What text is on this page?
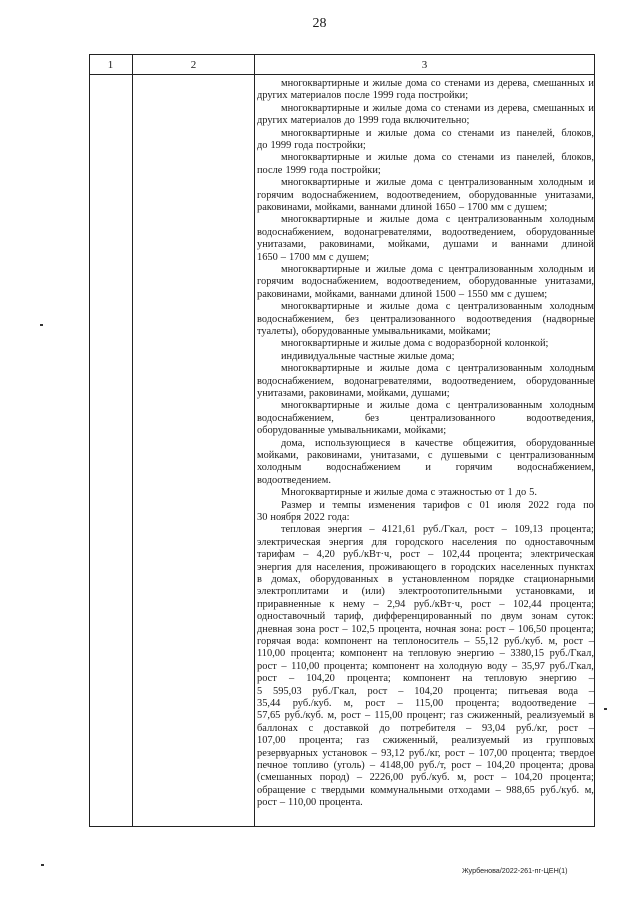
28
1	2	3
многоквартирные и жилые дома со стенами из дерева, смешанных и
других материалов после 1999 года постройки;
многоквартирные и жилые дома со стенами из дерева, смешанных и
других материалов до 1999 года включительно;
многоквартирные и жилые дома со стенами из панелей, блоков,
до 1999 года постройки;
многоквартирные и жилые дома со стенами из панелей, блоков,
после 1999 года постройки;
многоквартирные и жилые дома с централизованным холодным и
горячим водоснабжением, водоотведением, оборудованные унитазами,
раковинами, мойками, ваннами длиной 1650 – 1700 мм с душем;
многоквартирные и жилые дома с централизованным холодным
водоснабжением, водонагревателями, водоотведением, оборудованные
унитазами, раковинами, мойками, душами и ваннами длиной
1650 – 1700 мм с душем;
многоквартирные и жилые дома с централизованным холодным и
горячим водоснабжением, водоотведением, оборудованные унитазами,
раковинами, мойками, ваннами длиной 1500 – 1550 мм с душем;
многоквартирные и жилые дома с централизованным холодным
водоснабжением, без централизованного водоотведения (надворные
туалеты), оборудованные умывальниками, мойками;
многоквартирные и жилые дома с водоразборной колонкой;
индивидуальные частные жилые дома;
многоквартирные и жилые дома с централизованным холодным
водоснабжением, водонагревателями, водоотведением, оборудованные
унитазами, раковинами, мойками, душами;
многоквартирные и жилые дома с централизованным холодным
водоснабжением,	без	централизованного	водоотведения,
оборудованные умывальниками, мойками;
дома, использующиеся в качестве общежития, оборудованные
мойками, раковинами, унитазами, с душевыми с централизованным
холодным водоснабжением и горячим водоснабжением,
водоотведением.
Многоквартирные и жилые дома с этажностью от 1 до 5.
Размер и темпы изменения тарифов с 01 июля 2022 года по
30 ноября 2022 года:
тепловая энергия – 4121,61 руб./Гкал, рост – 109,13 процента;
электрическая энергия для городского населения по одноставочным
тарифам – 4,20 руб./кВт·ч, рост – 102,44 процента; электрическая
энергия для населения, проживающего в городских населенных пунктах
в домах, оборудованных в установленном порядке стационарными
электроплитами и (или) электроотопительными установками, и
приравненные к нему – 2,94 руб./кВт·ч, рост – 102,44 процента;
одноставочный тариф, дифференцированный по двум зонам суток:
дневная зона рост – 102,5 процента, ночная зона: рост – 106,50 процента;
горячая вода: компонент на теплоноситель – 55,12 руб./куб. м, рост –
110,00 процента; компонент на тепловую энергию – 3380,15 руб./Гкал,
рост – 110,00 процента; компонент на холодную воду – 35,97 руб./Гкал,
рост – 104,20 процента; компонент на тепловую энергию –
5 595,03 руб./Гкал, рост – 104,20 процента; питьевая вода –
35,44 руб./куб. м, рост – 115,00 процента; водоотведение –
57,65 руб./куб. м, рост – 115,00 процент; газ сжиженный, реализуемый в
баллонах с доставкой до потребителя – 93,04 руб./кг, рост –
107,00 процента; газ сжиженный, реализуемый из групповых
резервуарных установок – 93,12 руб./кг, рост – 107,00 процента; твердое
печное топливо (уголь) – 4148,00 руб./т, рост – 104,20 процента; дрова
(смешанных пород) – 2226,00 руб./куб. м, рост – 104,20 процента;
обращение с твердыми коммунальными отходами – 988,65 руб./куб. м,
рост – 110,00 процента.
Журбенова/2022-261-пг-ЦЕН(1)
